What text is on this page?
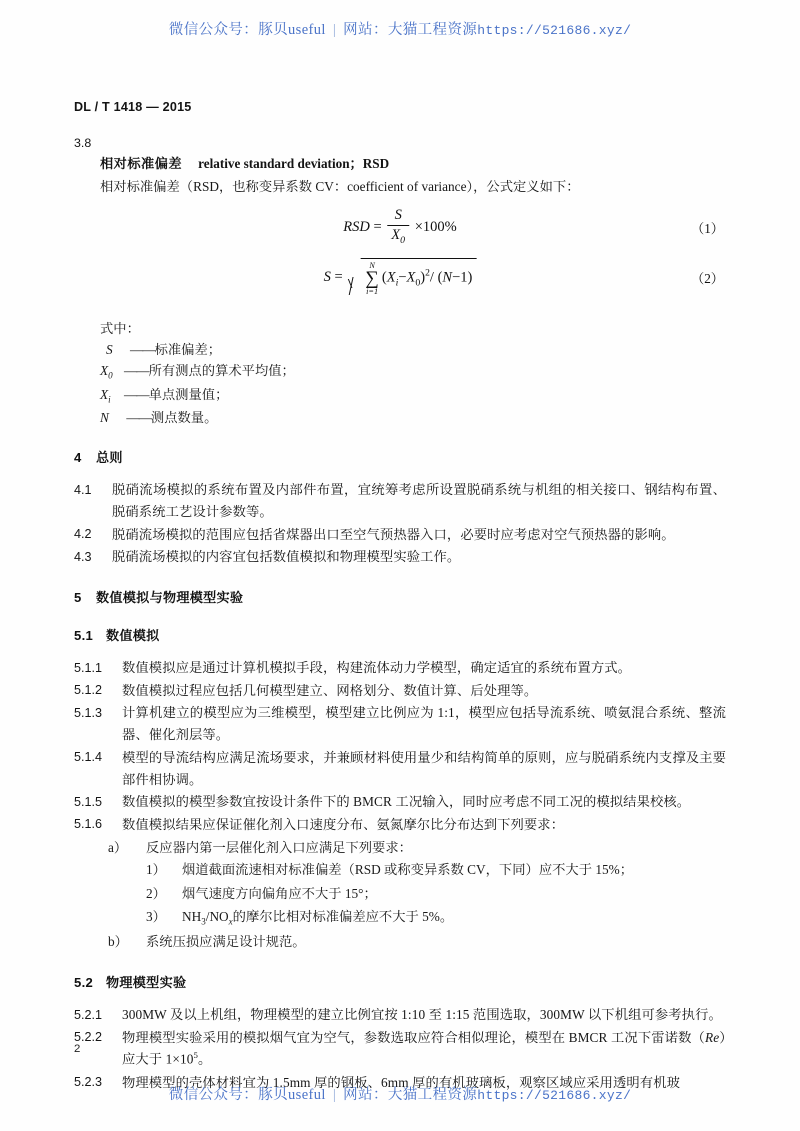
微信公众号：豚贝useful | 网站：大猫工程资源https://521686.xyz/
DL / T 1418 — 2015
3.8
相对标准偏差 relative standard deviation；RSD
相对标准偏差（RSD，也称变异系数 CV：coefficient of variance），公式定义如下：
RSD = $\frac{S}{X_0} \times 100\%$	（1）
S =
N
∑
i=1
$(X_i-X_0)^2/$ (N−1)	（2）
式中：
S ——标准偏差；
$X_0$ ——所有测点的算术平均值；
$X_i$ ——单点测量值；
N ——测点数量。
4 总则
4.1	脱硝流场模拟的系统布置及内部件布置，宜统筹考虑所设置脱硝系统与机组的相关接口、钢结构布置、脱硝系统工艺设计参数等。
4.2	脱硝流场模拟的范围应包括省煤器出口至空气预热器入口，必要时应考虑对空气预热器的影响。
4.3	脱硝流场模拟的内容宜包括数值模拟和物理模型实验工作。
5 数值模拟与物理模型实验
5.1 数值模拟
5.1.1	数值模拟应是通过计算机模拟手段，构建流体动力学模型，确定适宜的系统布置方式。
5.1.2	数值模拟过程应包括几何模型建立、网格划分、数值计算、后处理等。
5.1.3	计算机建立的模型应为三维模型，模型建立比例应为 1:1，模型应包括导流系统、喷氨混合系统、整流器、催化剂层等。
5.1.4	模型的导流结构应满足流场要求，并兼顾材料使用量少和结构简单的原则，应与脱硝系统内支撑及主要部件相协调。
5.1.5	数值模拟的模型参数宜按设计条件下的 BMCR 工况输入，同时应考虑不同工况的模拟结果校核。
5.1.6	数值模拟结果应保证催化剂入口速度分布、氨氮摩尔比分布达到下列要求：
a）	反应器内第一层催化剂入口应满足下列要求：
1）	烟道截面流速相对标准偏差（RSD 或称变异系数 CV，下同）应不大于 15%；
2）	烟气速度方向偏角应不大于 15°；
3）	$NH_3/NO_x$的摩尔比相对标准偏差应不大于 5%。
b）	系统压损应满足设计规范。
5.2 物理模型实验
5.2.1	300MW 及以上机组，物理模型的建立比例宜按 1:10 至 1:15 范围选取，300MW 以下机组可参考执行。
5.2.2	物理模型实验采用的模拟烟气宜为空气，参数选取应符合相似理论，模型在 BMCR 工况下雷诺数（Re）应大于 $1\times 10^5$。
5.2.3	物理模型的壳体材料宜为 1.5mm 厚的钢板、6mm 厚的有机玻璃板，观察区域应采用透明有机玻
2
微信公众号：豚贝useful | 网站：大猫工程资源https://521686.xyz/
